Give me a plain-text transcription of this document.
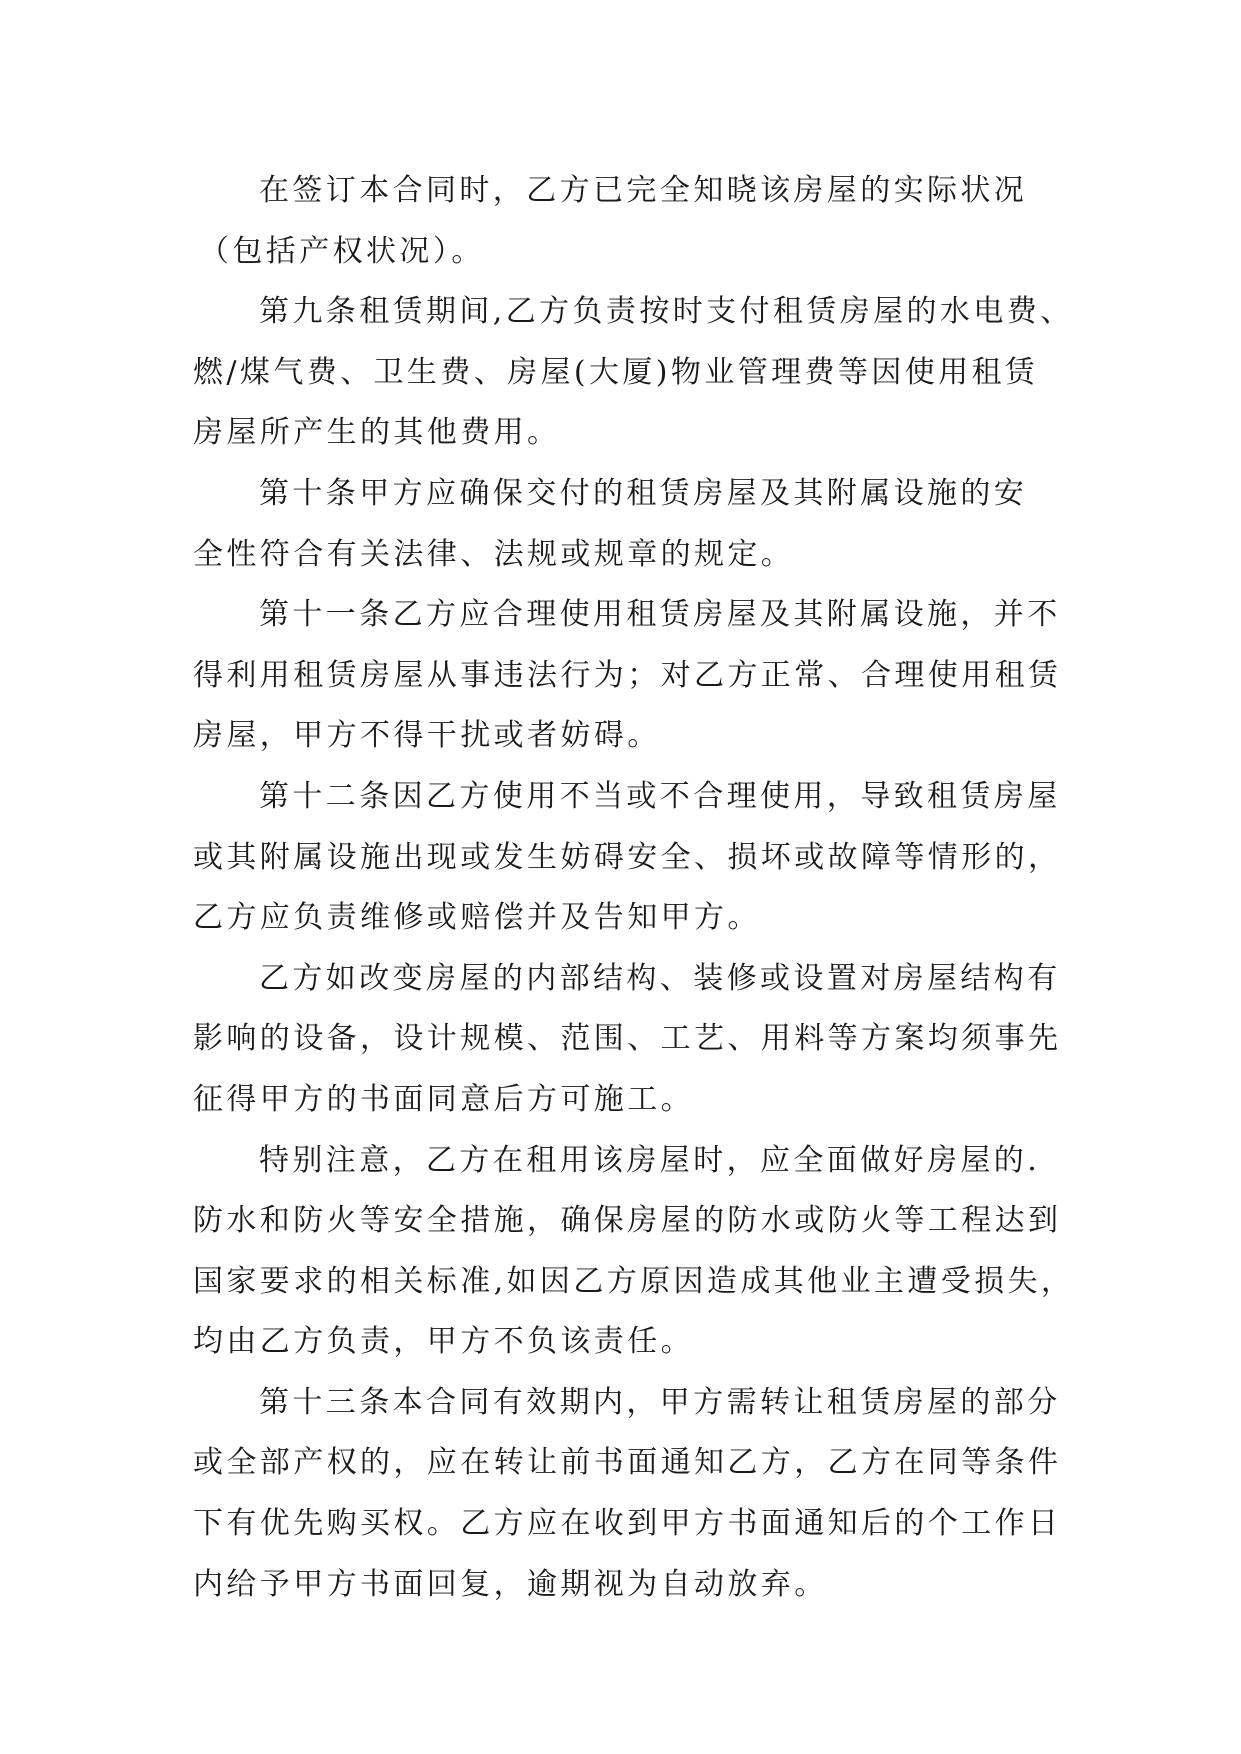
在签订本合同时，乙方已完全知晓该房屋的实际状况
（包括产权状况）。

第九条租赁期间,乙方负责按时支付租赁房屋的水电费、
燃/煤气费、卫生费、房屋(大厦)物业管理费等因使用租赁
房屋所产生的其他费用。

第十条甲方应确保交付的租赁房屋及其附属设施的安
全性符合有关法律、法规或规章的规定。

第十一条乙方应合理使用租赁房屋及其附属设施，并不
得利用租赁房屋从事违法行为；对乙方正常、合理使用租赁
房屋，甲方不得干扰或者妨碍。

第十二条因乙方使用不当或不合理使用，导致租赁房屋
或其附属设施出现或发生妨碍安全、损坏或故障等情形的，
乙方应负责维修或赔偿并及告知甲方。

乙方如改变房屋的内部结构、装修或设置对房屋结构有
影响的设备，设计规模、范围、工艺、用料等方案均须事先
征得甲方的书面同意后方可施工。

特别注意，乙方在租用该房屋时，应全面做好房屋的.
防水和防火等安全措施，确保房屋的防水或防火等工程达到
国家要求的相关标准,如因乙方原因造成其他业主遭受损失，
均由乙方负责，甲方不负该责任。

第十三条本合同有效期内，甲方需转让租赁房屋的部分
或全部产权的，应在转让前书面通知乙方，乙方在同等条件
下有优先购买权。乙方应在收到甲方书面通知后的个工作日
内给予甲方书面回复，逾期视为自动放弃。
